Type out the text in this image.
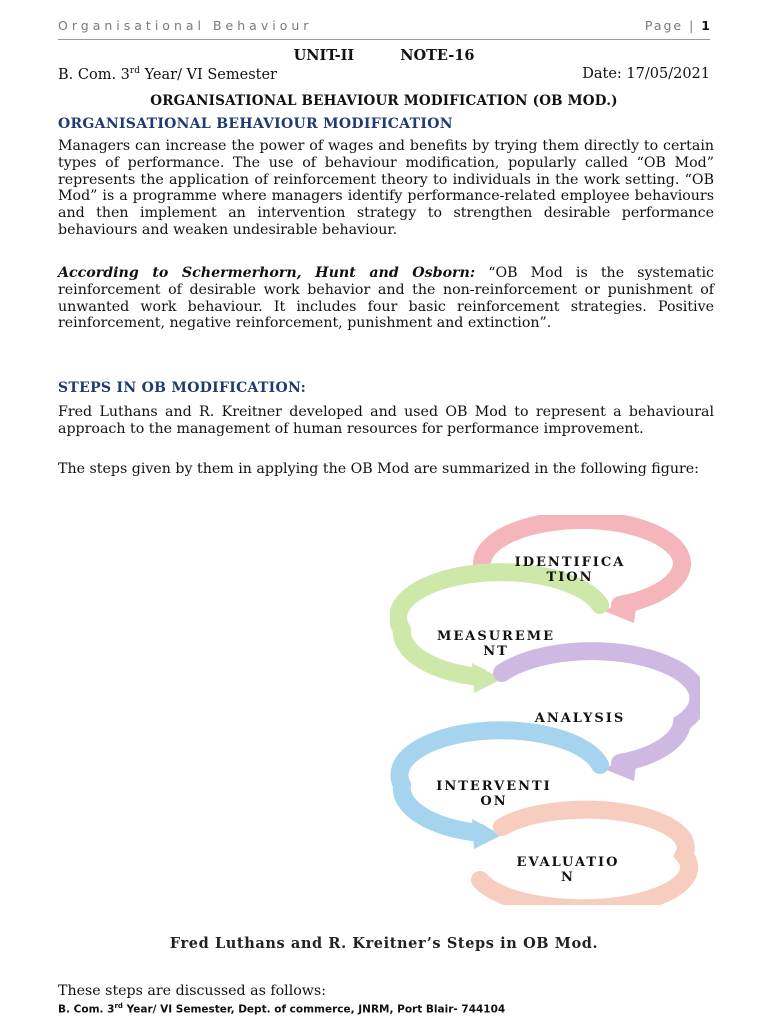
Organisational Behaviour	Page | 1
UNIT-II	NOTE-16
B. Com. 3rd Year/ VI Semester	Date: 17/05/2021
ORGANISATIONAL BEHAVIOUR MODIFICATION (OB MOD.)
ORGANISATIONAL BEHAVIOUR MODIFICATION

Managers can increase the power of wages and benefits by trying them directly to certain types of performance. The use of behaviour modification, popularly called “OB Mod” represents the application of reinforcement theory to individuals in the work setting. “OB Mod” is a programme where managers identify performance-related employee behaviours and then implement an intervention strategy to strengthen desirable performance behaviours and weaken undesirable behaviour.

According to Schermerhorn, Hunt and Osborn: “OB Mod is the systematic reinforcement of desirable work behavior and the non-reinforcement or punishment of unwanted work behaviour. It includes four basic reinforcement strategies. Positive reinforcement, negative reinforcement, punishment and extinction”.

STEPS IN OB MODIFICATION:

Fred Luthans and R. Kreitner developed and used OB Mod to represent a behavioural approach to the management of human resources for performance improvement.

The steps given by them in applying the OB Mod are summarized in the following figure:

IDENTIFICA
TION
MEASUREME
NT
ANALYSIS
INTERVENTI
ON
EVALUATIO
N
Fred Luthans and R. Kreitner’s Steps in OB Mod.
These steps are discussed as follows:
B. Com. 3rd Year/ VI Semester, Dept. of commerce, JNRM, Port Blair- 744104
